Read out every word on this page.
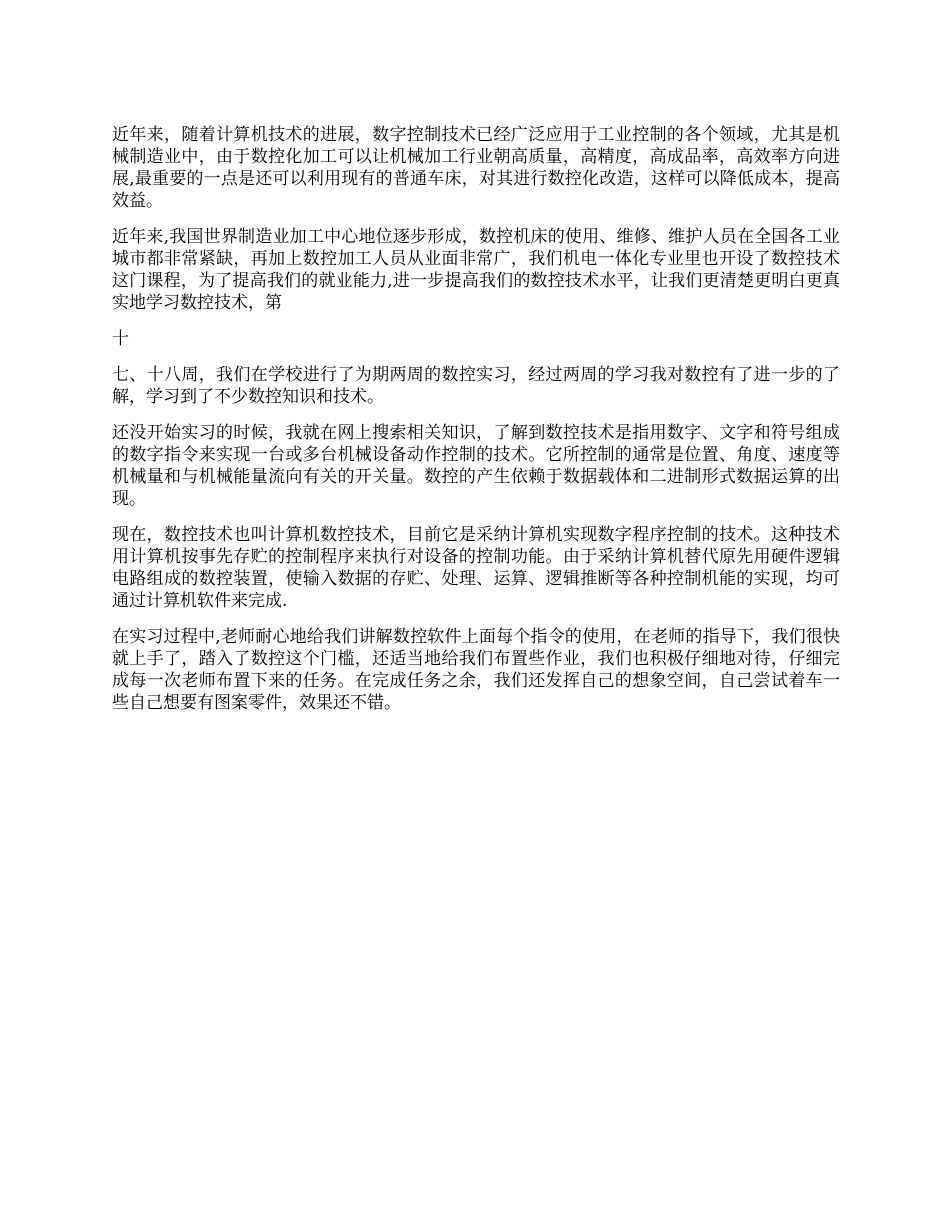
近年来，随着计算机技术的进展，数字控制技术已经广泛应用于工业控制的各个领域，尤其是机械制造业中，由于数控化加工可以让机械加工行业朝高质量，高精度，高成品率，高效率方向进展,最重要的一点是还可以利用现有的普通车床，对其进行数控化改造，这样可以降低成本，提高效益。

近年来,我国世界制造业加工中心地位逐步形成，数控机床的使用、维修、维护人员在全国各工业城市都非常紧缺，再加上数控加工人员从业面非常广，我们机电一体化专业里也开设了数控技术这门课程，为了提高我们的就业能力,进一步提高我们的数控技术水平，让我们更清楚更明白更真实地学习数控技术，第

十

七、十八周，我们在学校进行了为期两周的数控实习，经过两周的学习我对数控有了进一步的了解，学习到了不少数控知识和技术。

还没开始实习的时候，我就在网上搜索相关知识，了解到数控技术是指用数字、文字和符号组成的数字指令来实现一台或多台机械设备动作控制的技术。它所控制的通常是位置、角度、速度等机械量和与机械能量流向有关的开关量。数控的产生依赖于数据载体和二进制形式数据运算的出现。

现在，数控技术也叫计算机数控技术，目前它是采纳计算机实现数字程序控制的技术。这种技术用计算机按事先存贮的控制程序来执行对设备的控制功能。由于采纳计算机替代原先用硬件逻辑电路组成的数控装置，使输入数据的存贮、处理、运算、逻辑推断等各种控制机能的实现，均可通过计算机软件来完成.

在实习过程中,老师耐心地给我们讲解数控软件上面每个指令的使用，在老师的指导下，我们很快就上手了，踏入了数控这个门槛，还适当地给我们布置些作业，我们也积极仔细地对待，仔细完成每一次老师布置下来的任务。在完成任务之余，我们还发挥自己的想象空间，自己尝试着车一些自己想要有图案零件，效果还不错。
